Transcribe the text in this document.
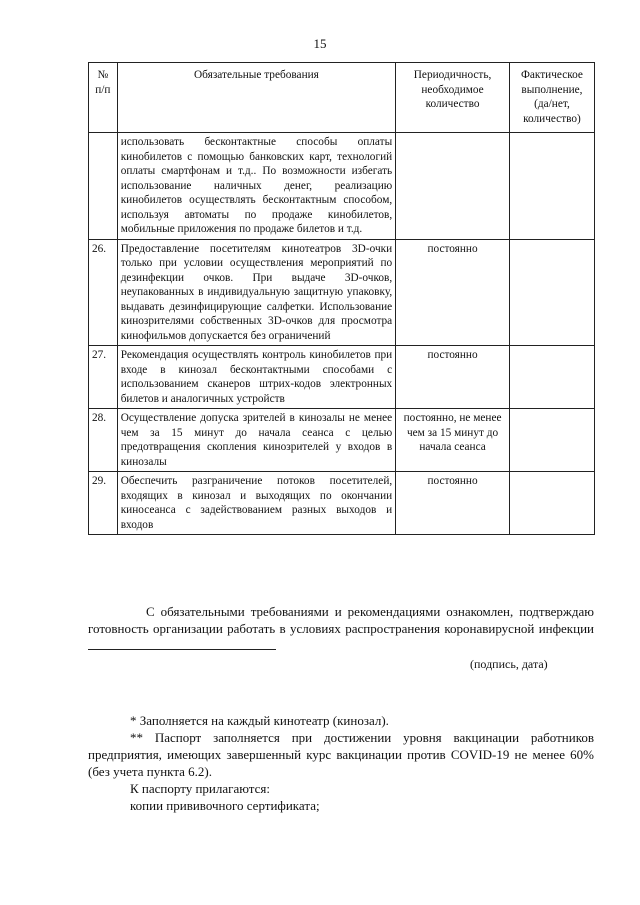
15
№ п/п	Обязательные требования	Периодичность, необходимое количество	Фактическое выполнение, (да/нет, количество)
	использовать бесконтактные способы оплаты кинобилетов с помощью банковских карт, технологий оплаты смартфонам и т.д.. По возможности избегать использование наличных денег, реализацию кинобилетов осуществлять бесконтактным способом, используя автоматы по продаже кинобилетов, мобильные приложения по продаже билетов и т.д.		
26.	Предоставление посетителям кинотеатров 3D-очки только при условии осуществления мероприятий по дезинфекции очков. При выдаче 3D-очков, неупакованных в индивидуальную защитную упаковку, выдавать дезинфицирующие салфетки. Использование кинозрителями собственных 3D-очков для просмотра кинофильмов допускается без ограничений	постоянно	
27.	Рекомендация осуществлять контроль кинобилетов при входе в кинозал бесконтактными способами с использованием сканеров штрих-кодов электронных билетов и аналогичных устройств	постоянно	
28.	Осуществление допуска зрителей в кинозалы не менее чем за 15 минут до начала сеанса с целью предотвращения скопления кинозрителей у входов в кинозалы	постоянно, не менее чем за 15 минут до начала сеанса	
29.	Обеспечить разграничение потоков посетителей, входящих в кинозал и выходящих по окончании киносеанса с задействованием разных выходов и входов	постоянно	
С обязательными требованиями и рекомендациями ознакомлен, подтверждаю готовность организации работать в условиях распространения коронавирусной инфекции
(подпись, дата)
* Заполняется на каждый кинотеатр (кинозал).
** Паспорт заполняется при достижении уровня вакцинации работников предприятия, имеющих завершенный курс вакцинации против COVID-19 не менее 60% (без учета пункта 6.2).
К паспорту прилагаются:
копии прививочного сертификата;
